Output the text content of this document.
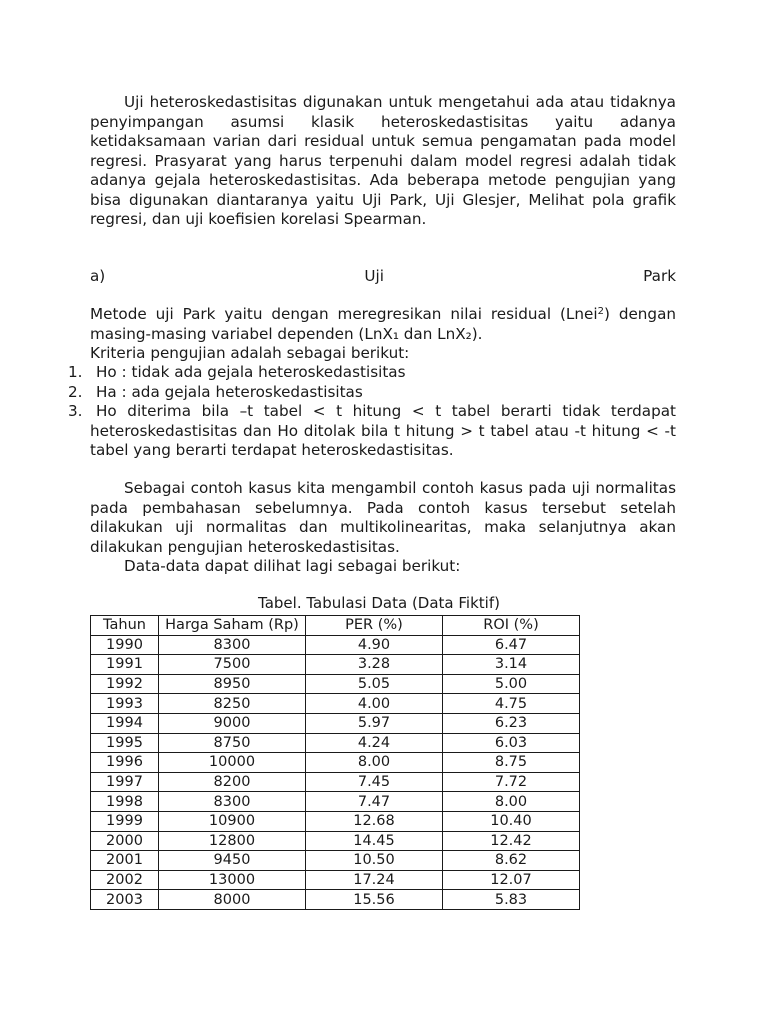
Uji heteroskedastisitas digunakan untuk mengetahui ada atau tidaknya penyimpangan asumsi klasik heteroskedastisitas yaitu adanya ketidaksamaan varian dari residual untuk semua pengamatan pada model regresi. Prasyarat yang harus terpenuhi dalam model regresi adalah tidak adanya gejala heteroskedastisitas. Ada beberapa metode pengujian yang bisa digunakan diantaranya yaitu Uji Park, Uji Glesjer, Melihat pola grafik regresi, dan uji koefisien korelasi Spearman.

a)	Uji	Park

Metode uji Park yaitu dengan meregresikan nilai residual (Lnei$^2$) dengan masing-masing variabel dependen (LnX₁ dan LnX₂).

Kriteria pengujian adalah sebagai berikut:

1. Ho : tidak ada gejala heteroskedastisitas
2. Ha : ada gejala heteroskedastisitas
3. Ho diterima bila –t tabel < t hitung < t tabel berarti tidak terdapat heteroskedastisitas dan Ho ditolak bila t hitung > t tabel atau -t hitung < -t tabel yang berarti terdapat heteroskedastisitas.

Sebagai contoh kasus kita mengambil contoh kasus pada uji normalitas pada pembahasan sebelumnya. Pada contoh kasus tersebut setelah dilakukan uji normalitas dan multikolinearitas, maka selanjutnya akan dilakukan pengujian heteroskedastisitas.

Data-data dapat dilihat lagi sebagai berikut:

Tabel. Tabulasi Data (Data Fiktif)
Tahun	Harga Saham (Rp)	PER (%)	ROI (%)
1990	8300	4.90	6.47
1991	7500	3.28	3.14
1992	8950	5.05	5.00
1993	8250	4.00	4.75
1994	9000	5.97	6.23
1995	8750	4.24	6.03
1996	10000	8.00	8.75
1997	8200	7.45	7.72
1998	8300	7.47	8.00
1999	10900	12.68	10.40
2000	12800	14.45	12.42
2001	9450	10.50	8.62
2002	13000	17.24	12.07
2003	8000	15.56	5.83
